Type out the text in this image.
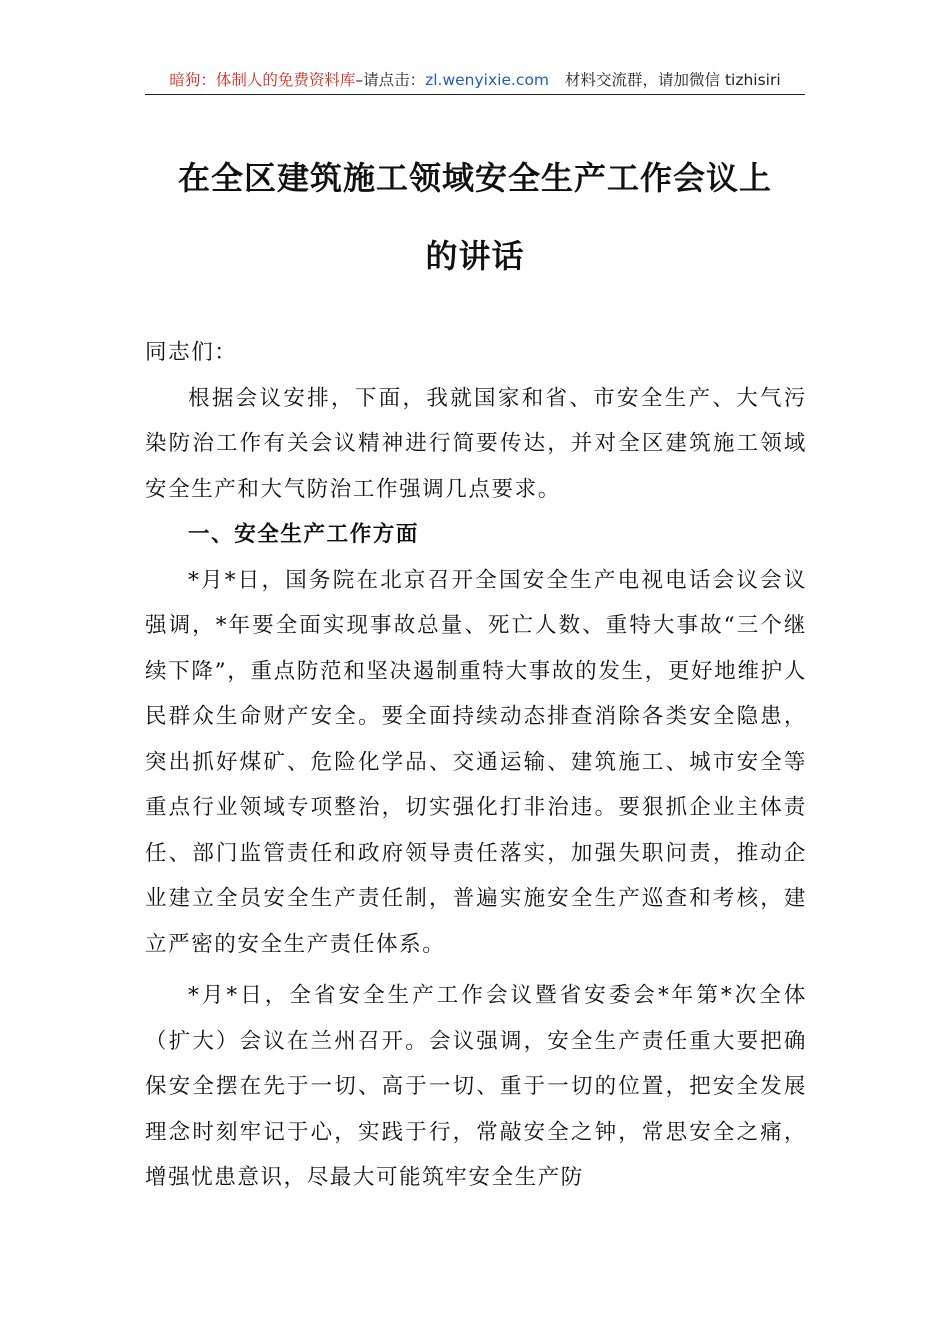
暗狗：体制人的免费资料库–请点击：zl.wenyixie.com 材料交流群，请加微信 tizhisiri
在全区建筑施工领域安全生产工作会议上
的讲话

同志们：

根据会议安排，下面，我就国家和省、市安全生产、大气污染防治工作有关会议精神进行简要传达，并对全区建筑施工领域安全生产和大气防治工作强调几点要求。

一、安全生产工作方面

*月*日，国务院在北京召开全国安全生产电视电话会议会议强调，*年要全面实现事故总量、死亡人数、重特大事故“三个继续下降”，重点防范和坚决遏制重特大事故的发生，更好地维护人民群众生命财产安全。要全面持续动态排查消除各类安全隐患，突出抓好煤矿、危险化学品、交通运输、建筑施工、城市安全等重点行业领域专项整治，切实强化打非治违。要狠抓企业主体责任、部门监管责任和政府领导责任落实，加强失职问责，推动企业建立全员安全生产责任制，普遍实施安全生产巡查和考核，建立严密的安全生产责任体系。

*月*日，全省安全生产工作会议暨省安委会*年第*次全体（扩大）会议在兰州召开。会议强调，安全生产责任重大要把确保安全摆在先于一切、高于一切、重于一切的位置，把安全发展理念时刻牢记于心，实践于行，常敲安全之钟，常思安全之痛，增强忧患意识，尽最大可能筑牢安全生产防
